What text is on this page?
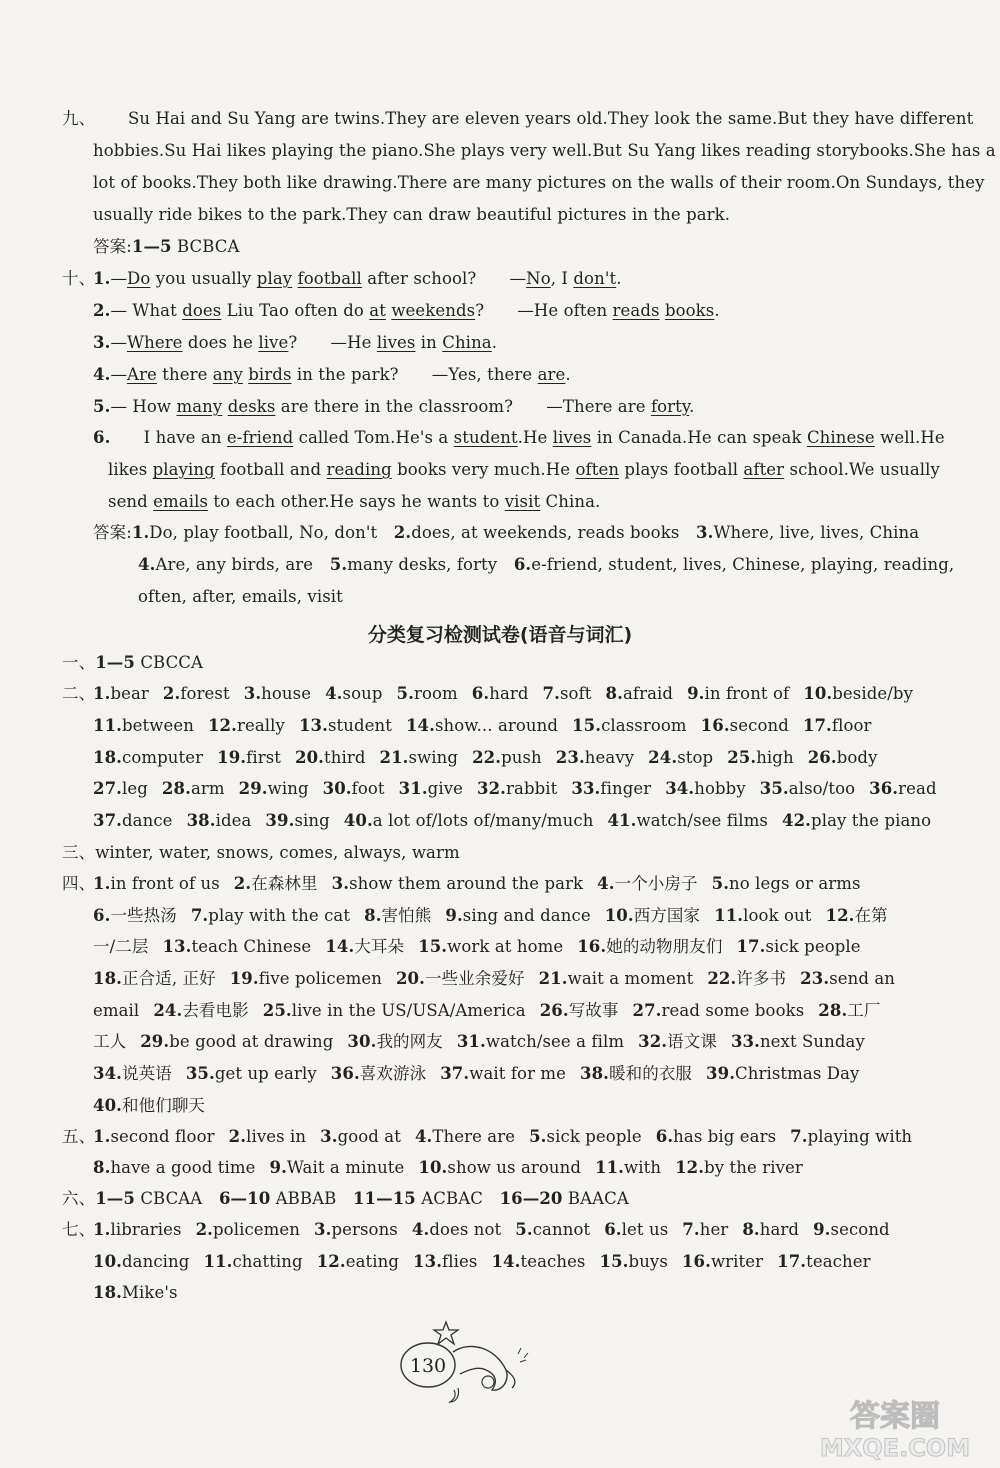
九、 Su Hai and Su Yang are twins.They are eleven years old.They look the same.But they have different
hobbies.Su Hai likes playing the piano.She plays very well.But Su Yang likes reading storybooks.She has a
lot of books.They both like drawing.There are many pictures on the walls of their room.On Sundays, they
usually ride bikes to the park.They can draw beautiful pictures in the park.
答案:1—5 BCBCA
十、
1.—Do you usually play football after school?　　—No, I don't.
2.— What does Liu Tao often do at weekends?　　—He often reads books.
3.—Where does he live?　　—He lives in China.
4.—Are there any birds in the park?　　—Yes, there are.
5.— How many desks are there in the classroom?　　—There are forty.
6.　　I have an e-friend called Tom.He's a student.He lives in Canada.He can speak Chinese well.He
likes playing football and reading books very much.He often plays football after school.We usually
send emails to each other.He says he wants to visit China.
答案:1.Do, play football, No, don't　2.does, at weekends, reads books　3.Where, live, lives, China
4.Are, any birds, are　5.many desks, forty　6.e-friend, student, lives, Chinese, playing, reading,
often, after, emails, visit
分类复习检测试卷(语音与词汇)
一、1—5 CBCCA
二、
1.bear 2.forest 3.house 4.soup 5.room 6.hard 7.soft 8.afraid 9.in front of 10.beside/by
11.between 12.really 13.student 14.show... around 15.classroom 16.second 17.floor
18.computer 19.first 20.third 21.swing 22.push 23.heavy 24.stop 25.high 26.body
27.leg 28.arm 29.wing 30.foot 31.give 32.rabbit 33.finger 34.hobby 35.also/too 36.read
37.dance 38.idea 39.sing 40.a lot of/lots of/many/much 41.watch/see films 42.play the piano
三、winter, water, snows, comes, always, warm
四、
1.in front of us 2.在森林里 3.show them around the park 4.一个小房子 5.no legs or arms
6.一些热汤 7.play with the cat 8.害怕熊 9.sing and dance 10.西方国家 11.look out 12.在第
一/二层 13.teach Chinese 14.大耳朵 15.work at home 16.她的动物朋友们 17.sick people
18.正合适, 正好 19.five policemen 20.一些业余爱好 21.wait a moment 22.许多书 23.send an
email 24.去看电影 25.live in the US/USA/America 26.写故事 27.read some books 28.工厂
工人 29.be good at drawing 30.我的网友 31.watch/see a film 32.语文课 33.next Sunday
34.说英语 35.get up early 36.喜欢游泳 37.wait for me 38.暖和的衣服 39.Christmas Day
40.和他们聊天
五、
1.second floor 2.lives in 3.good at 4.There are 5.sick people 6.has big ears 7.playing with
8.have a good time 9.Wait a minute 10.show us around 11.with 12.by the river
六、1—5 CBCAA　 6—10 ABBAB　 11—15 ACBAC　 16—20 BAACA
七、
1.libraries 2.policemen 3.persons 4.does not 5.cannot 6.let us 7.her 8.hard 9.second
10.dancing 11.chatting 12.eating 13.flies 14.teaches 15.buys 16.writer 17.teacher
18.Mike's
130
答案圈
MXQE.COM
